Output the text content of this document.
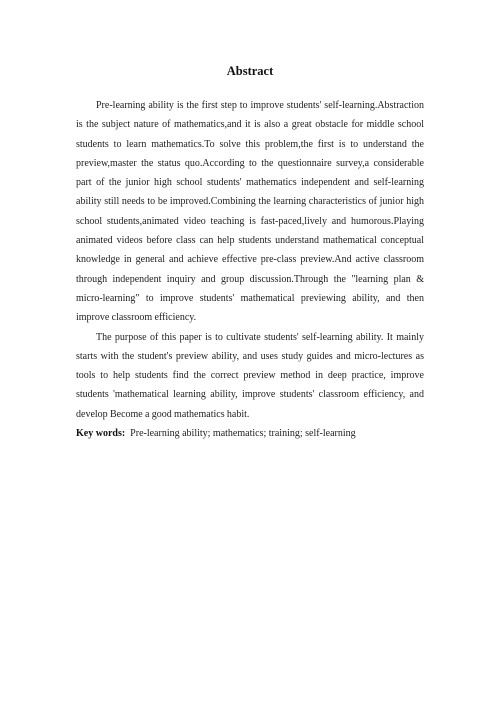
Abstract

Pre-learning ability is the first step to improve students' self-learning.Abstraction is the subject nature of mathematics,and it is also a great obstacle for middle school students to learn mathematics.To solve this problem,the first is to understand the preview,master the status quo.According to the questionnaire survey,a considerable part of the junior high school students' mathematics independent and self-learning ability still needs to be improved.Combining the learning characteristics of junior high school students,animated video teaching is fast-paced,lively and humorous.Playing animated videos before class can help students understand mathematical conceptual knowledge in general and achieve effective pre-class preview.And active classroom through independent inquiry and group discussion.Through the "learning plan & micro-learning" to improve students' mathematical previewing ability, and then improve classroom efficiency.

The purpose of this paper is to cultivate students' self-learning ability. It mainly starts with the student's preview ability, and uses study guides and micro-lectures as tools to help students find the correct preview method in deep practice, improve students 'mathematical learning ability, improve students' classroom efficiency, and develop Become a good mathematics habit.

Key words: Pre-learning ability; mathematics; training; self-learning
